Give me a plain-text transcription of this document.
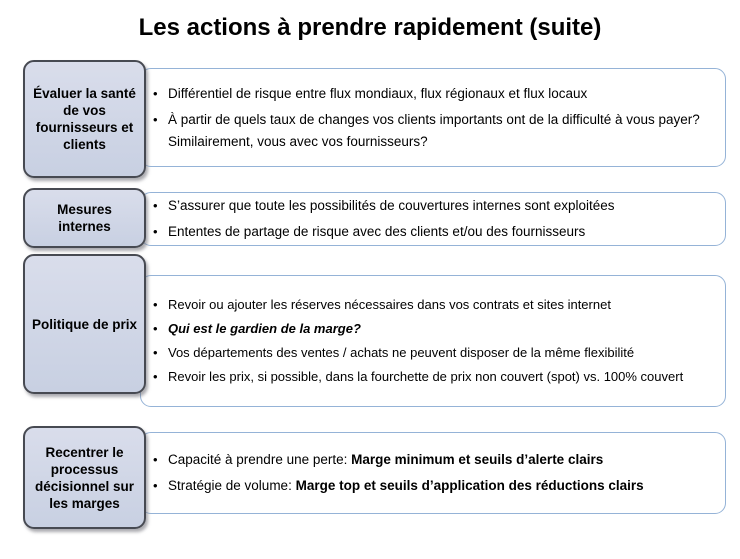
Les actions à prendre rapidement (suite)
Évaluer la santé de vos fournisseurs et clients
• Différentiel de risque entre flux mondiaux, flux régionaux et flux locaux
• À partir de quels taux de changes vos clients importants ont de la difficulté à vous payer? Similairement, vous avec vos fournisseurs?
Mesures internes
• S’assurer que toute les possibilités de couvertures internes sont exploitées
• Ententes de partage de risque avec des clients et/ou des fournisseurs
Politique de prix
• Revoir ou ajouter les réserves nécessaires dans vos contrats et sites internet
• Qui est le gardien de la marge?
• Vos départements des ventes / achats ne peuvent disposer de la même flexibilité
• Revoir les prix, si possible, dans la fourchette de prix non couvert (spot) vs. 100% couvert
Recentrer le processus décisionnel sur les marges
• Capacité à prendre une perte: Marge minimum et seuils d’alerte clairs
• Stratégie de volume: Marge top et seuils d’application des réductions clairs
